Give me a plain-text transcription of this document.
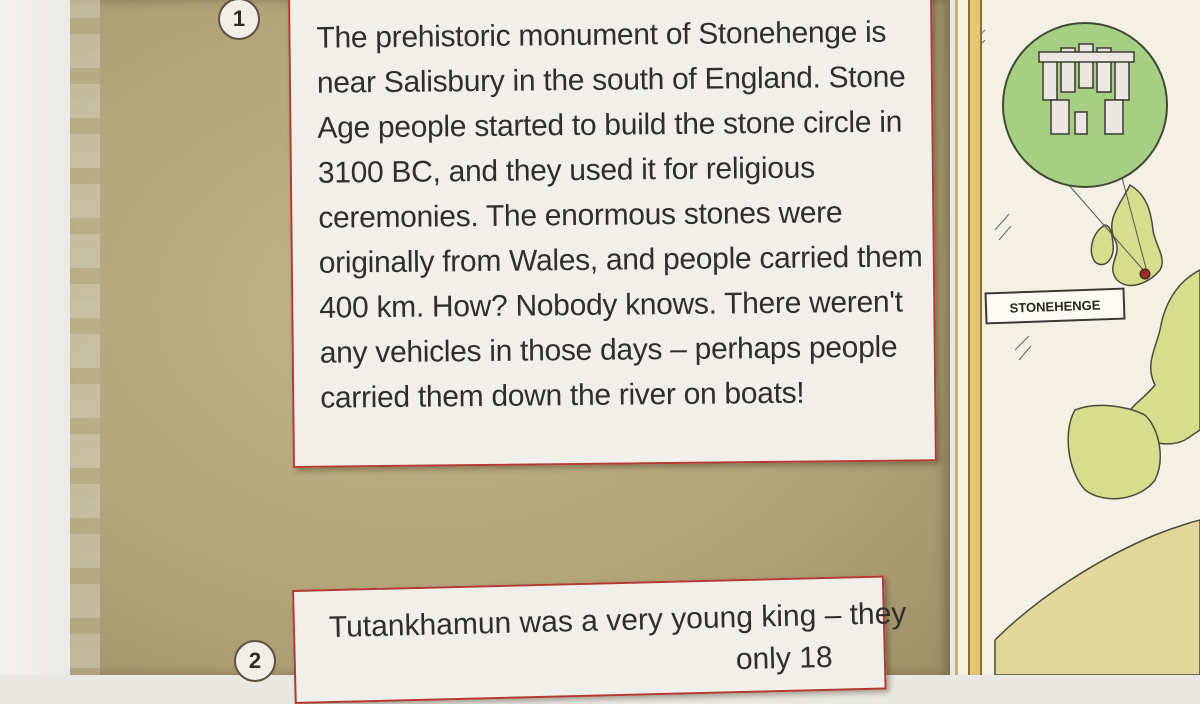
1	The prehistoric monument of Stonehenge is
near Salisbury in the south of England. Stone
Age people started to build the stone circle in
3100 BC, and they used it for religious
ceremonies. The enormous stones were
originally from Wales, and people carried them
400 km. How? Nobody knows. There weren't
any vehicles in those days – perhaps people
carried them down the river on boats!
2
Tutankhamun was a very young king – they
only 18
STONEHENGE
